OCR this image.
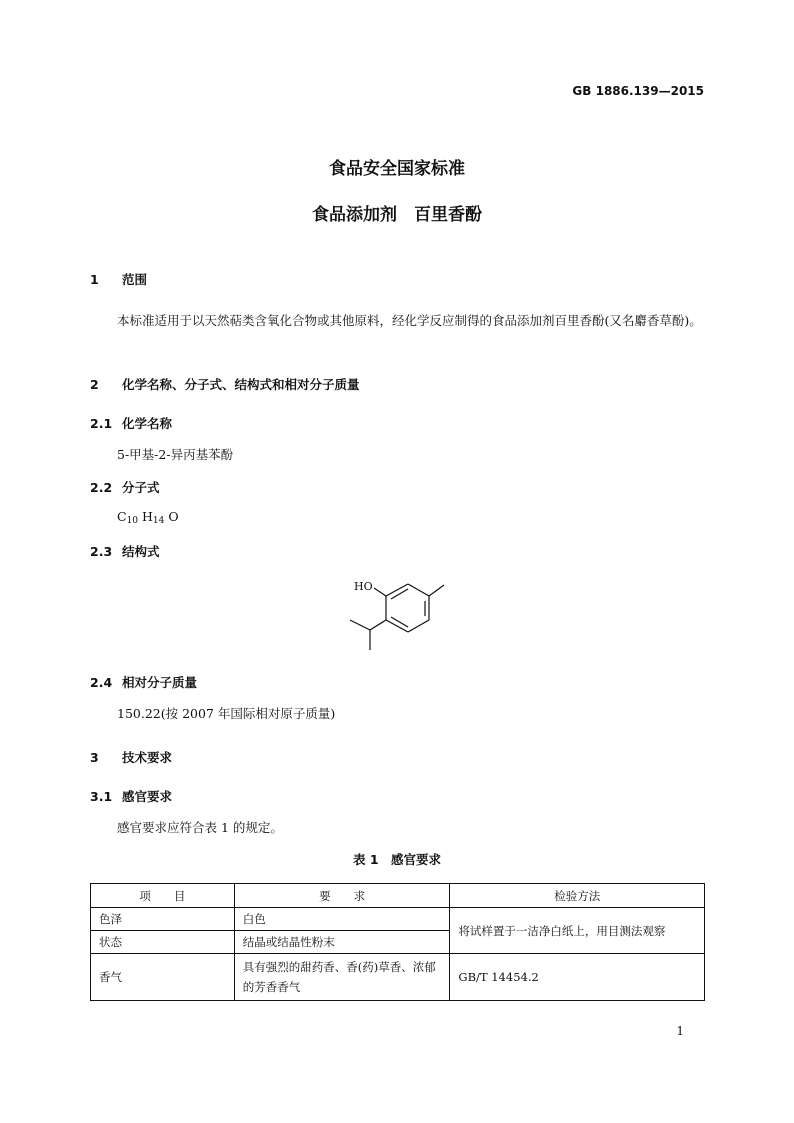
GB 1886.139—2015
食品安全国家标准
食品添加剂　百里香酚
1 范围
本标准适用于以天然萜类含氧化合物或其他原料，经化学反应制得的食品添加剂百里香酚(又名麝香草酚)。
2 化学名称、分子式、结构式和相对分子质量
2.1 化学名称
5-甲基-2-异丙基苯酚
2.2 分子式
$C_{10}$ $H_{14}$ O
2.3 结构式
HO
2.4 相对分子质量
150.22(按 2007 年国际相对原子质量)
3 技术要求
3.1 感官要求
感官要求应符合表 1 的规定。
表 1　感官要求
项　　目	要　　求	检验方法
色泽	白色	将试样置于一洁净白纸上，用目测法观察
状态	结晶或结晶性粉末	
香气	具有强烈的甜药香、香(药)草香、浓郁的芳香香气	GB/T 14454.2
1
